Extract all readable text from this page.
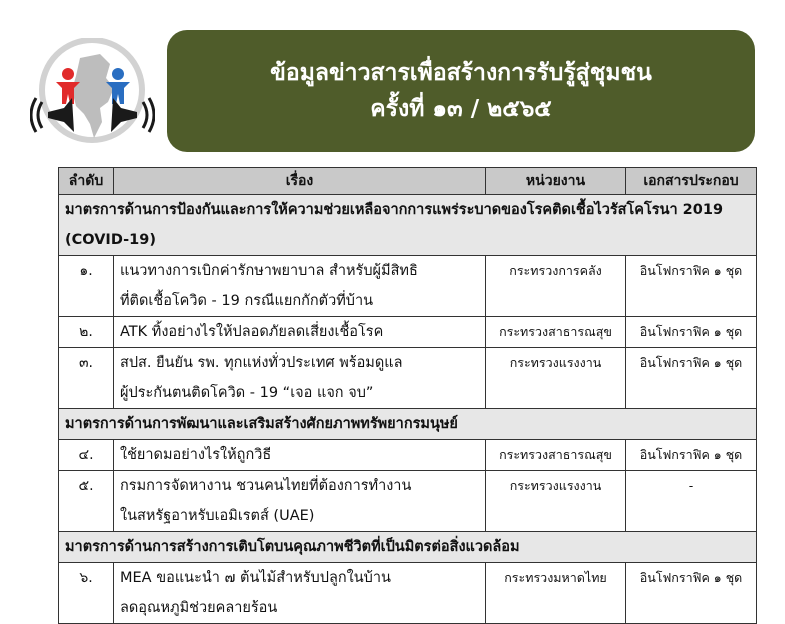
ข้อมูลข่าวสารเพื่อสร้างการรับรู้สู่ชุมชน
ครั้งที่ ๑๓ / ๒๕๖๕
ลำดับ	เรื่อง	หน่วยงาน	เอกสารประกอบ

มาตรการด้านการป้องกันและการให้ความช่วยเหลือจากการแพร่ระบาดของโรคติดเชื้อไวรัสโคโรนา 2019
(COVID-19)			

๑.	แนวทางการเบิกค่ารักษาพยาบาล สำหรับผู้มีสิทธิ
ที่ติดเชื้อโควิด - 19 กรณีแยกกักตัวที่บ้าน	กระทรวงการคลัง	อินโฟกราฟิค ๑ ชุด
๒.	ATK ทิ้งอย่างไรให้ปลอดภัยลดเสี่ยงเชื้อโรค	กระทรวงสาธารณสุข	อินโฟกราฟิค ๑ ชุด
๓.	สปส. ยืนยัน รพ. ทุกแห่งทั่วประเทศ พร้อมดูแล
ผู้ประกันตนติดโควิด - 19 “เจอ แจก จบ”	กระทรวงแรงงาน	อินโฟกราฟิค ๑ ชุด
มาตรการด้านการพัฒนาและเสริมสร้างศักยภาพทรัพยากรมนุษย์			
๔.	ใช้ยาดมอย่างไรให้ถูกวิธี	กระทรวงสาธารณสุข	อินโฟกราฟิค ๑ ชุด
๕.	กรมการจัดหางาน ชวนคนไทยที่ต้องการทำงาน
ในสหรัฐอาหรับเอมิเรตส์ (UAE)	กระทรวงแรงงาน	-
มาตรการด้านการสร้างการเติบโตบนคุณภาพชีวิตที่เป็นมิตรต่อสิ่งแวดล้อม			
๖.	MEA ขอแนะนำ ๗ ต้นไม้สำหรับปลูกในบ้าน
ลดอุณหภูมิช่วยคลายร้อน	กระทรวงมหาดไทย	อินโฟกราฟิค ๑ ชุด
